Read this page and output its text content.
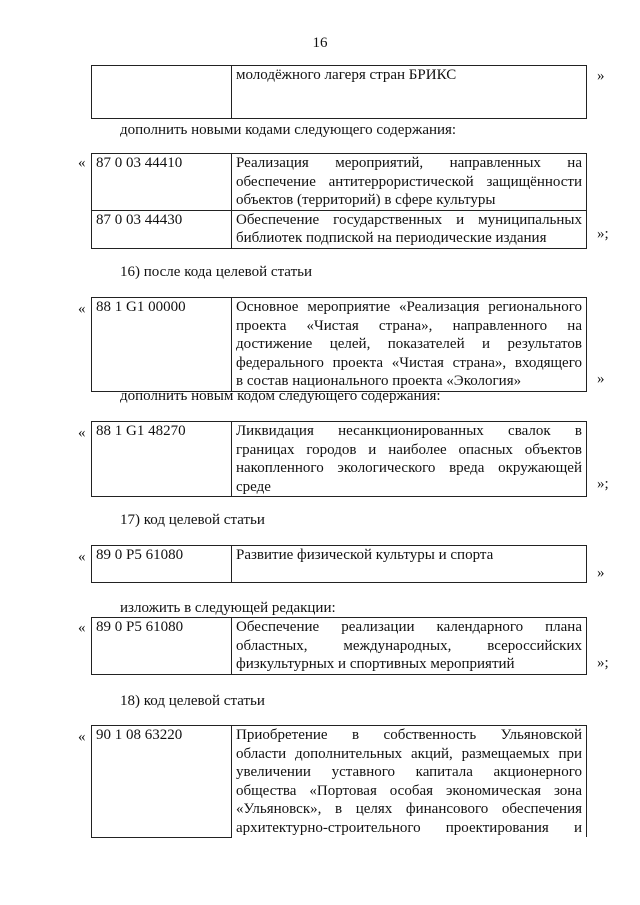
16
	молодёжного лагеря стран БРИКС	»
дополнить новыми кодами следующего содержания:
« 87 0 03 44410	Реализация мероприятий, направленных на
обеспечение антитеррористической защищённости
объектов (территорий) в сфере культуры

87 0 03 44430	Обеспечение государственных и муниципальных
библиотек подпиской на периодические издания	»;
16) после кода целевой статьи
« 88 1 G1 00000	Основное мероприятие «Реализация регионального
проекта «Чистая страна», направленного на
достижение целей, показателей и результатов
федерального проекта «Чистая страна», входящего
в состав национального проекта «Экология»	»
дополнить новым кодом следующего содержания:
« 88 1 G1 48270	Ликвидация несанкционированных свалок в
границах городов и наиболее опасных объектов
накопленного экологического вреда окружающей
среде	»;
17) код целевой статьи
« 89 0 P5 61080	Развитие физической культуры и спорта
»
изложить в следующей редакции:
« 89 0 P5 61080	Обеспечение реализации календарного плана
областных, международных, всероссийских
физкультурных и спортивных мероприятий	»;
18) код целевой статьи
« 90 1 08 63220	Приобретение в собственность Ульяновской
области дополнительных акций, размещаемых при
увеличении уставного капитала акционерного
общества «Портовая особая экономическая зона
«Ульяновск», в целях финансового обеспечения
архитектурно-строительного проектирования и
